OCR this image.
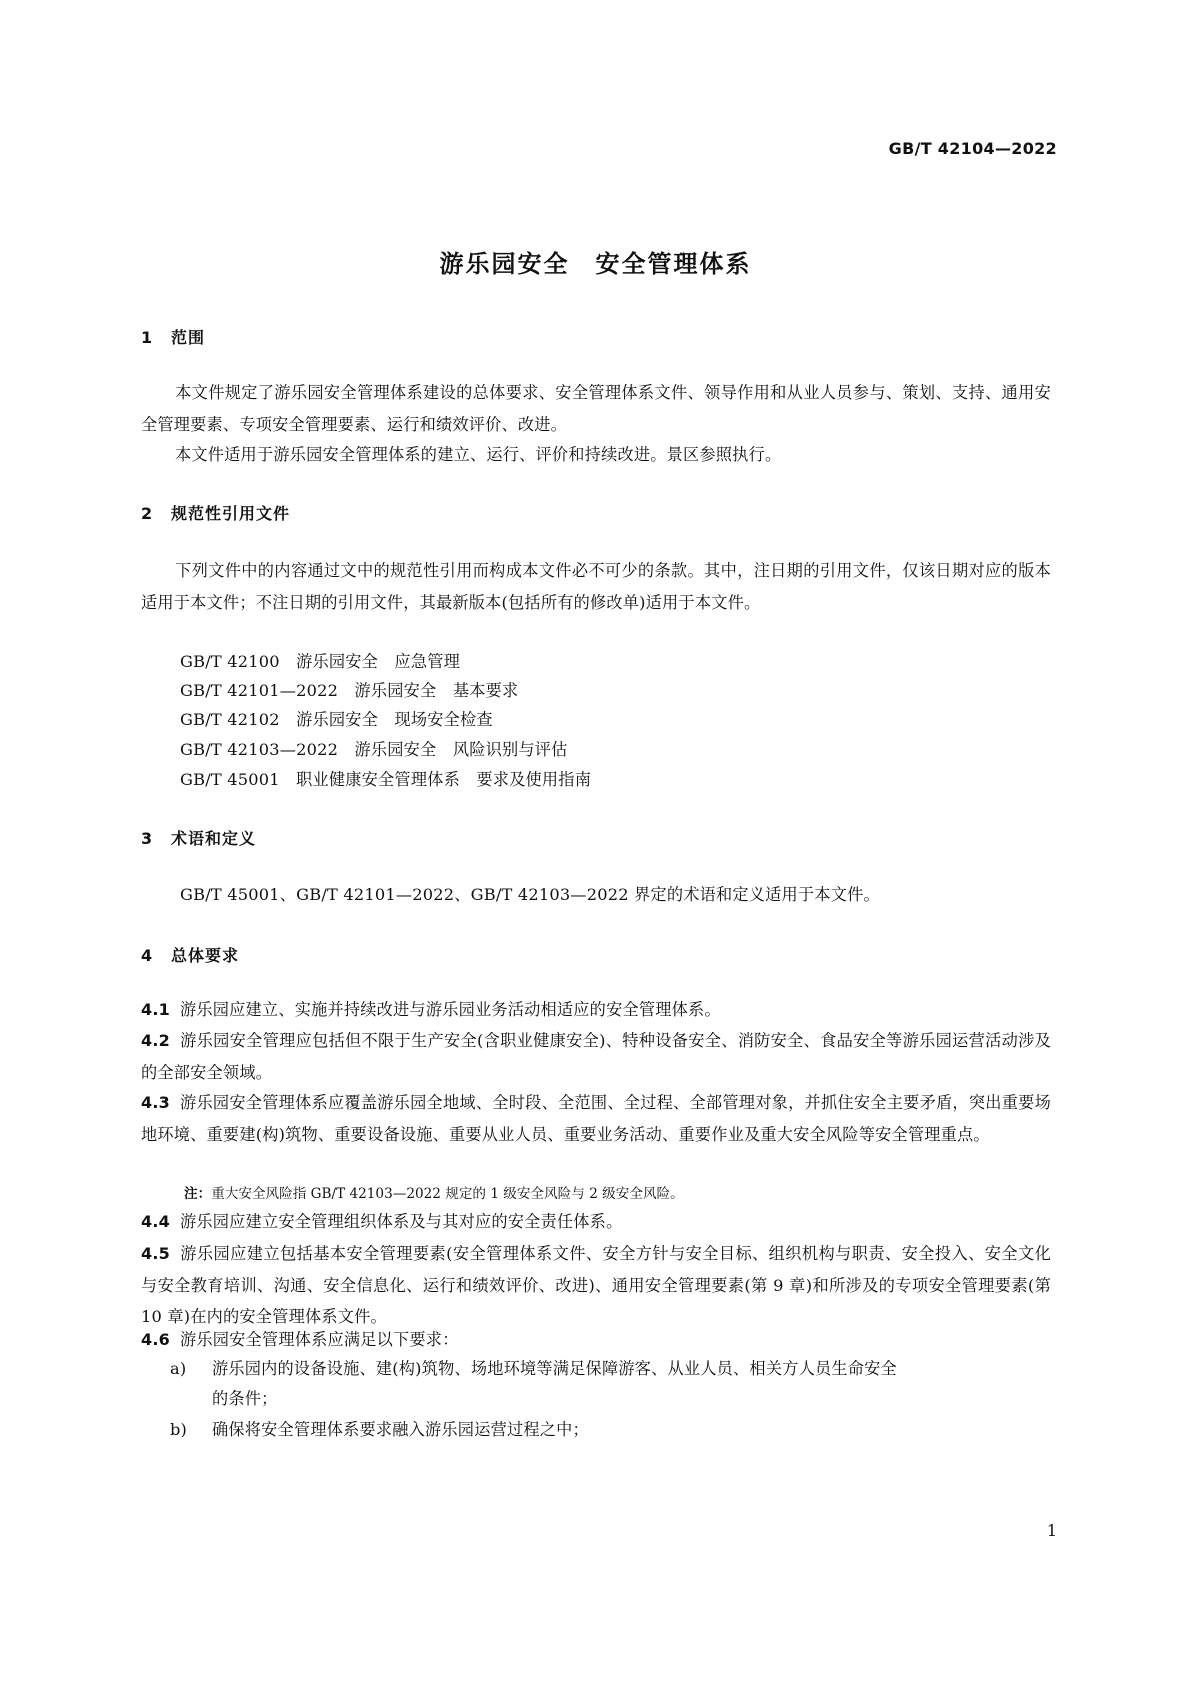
GB/T 42104—2022
游乐园安全　安全管理体系
1 范围
本文件规定了游乐园安全管理体系建设的总体要求、安全管理体系文件、领导作用和从业人员参与、策划、支持、通用安全管理要素、专项安全管理要素、运行和绩效评价、改进。
本文件适用于游乐园安全管理体系的建立、运行、评价和持续改进。景区参照执行。
2 规范性引用文件
下列文件中的内容通过文中的规范性引用而构成本文件必不可少的条款。其中，注日期的引用文件，仅该日期对应的版本适用于本文件；不注日期的引用文件，其最新版本(包括所有的修改单)适用于本文件。
GB/T 42100　游乐园安全　应急管理
GB/T 42101—2022　游乐园安全　基本要求
GB/T 42102　游乐园安全　现场安全检查
GB/T 42103—2022　游乐园安全　风险识别与评估
GB/T 45001　职业健康安全管理体系　要求及使用指南
3 术语和定义
GB/T 45001、GB/T 42101—2022、GB/T 42103—2022 界定的术语和定义适用于本文件。
4 总体要求
4.1 游乐园应建立、实施并持续改进与游乐园业务活动相适应的安全管理体系。
4.2 游乐园安全管理应包括但不限于生产安全(含职业健康安全)、特种设备安全、消防安全、食品安全等游乐园运营活动涉及的全部安全领域。
4.3 游乐园安全管理体系应覆盖游乐园全地域、全时段、全范围、全过程、全部管理对象，并抓住安全主要矛盾，突出重要场地环境、重要建(构)筑物、重要设备设施、重要从业人员、重要业务活动、重要作业及重大安全风险等安全管理重点。
注：重大安全风险指 GB/T 42103—2022 规定的 1 级安全风险与 2 级安全风险。
4.4 游乐园应建立安全管理组织体系及与其对应的安全责任体系。
4.5 游乐园应建立包括基本安全管理要素(安全管理体系文件、安全方针与安全目标、组织机构与职责、安全投入、安全文化与安全教育培训、沟通、安全信息化、运行和绩效评价、改进)、通用安全管理要素(第 9 章)和所涉及的专项安全管理要素(第 10 章)在内的安全管理体系文件。
4.6 游乐园安全管理体系应满足以下要求：
a) 游乐园内的设备设施、建(构)筑物、场地环境等满足保障游客、从业人员、相关方人员生命安全
的条件；
b) 确保将安全管理体系要求融入游乐园运营过程之中；
1
